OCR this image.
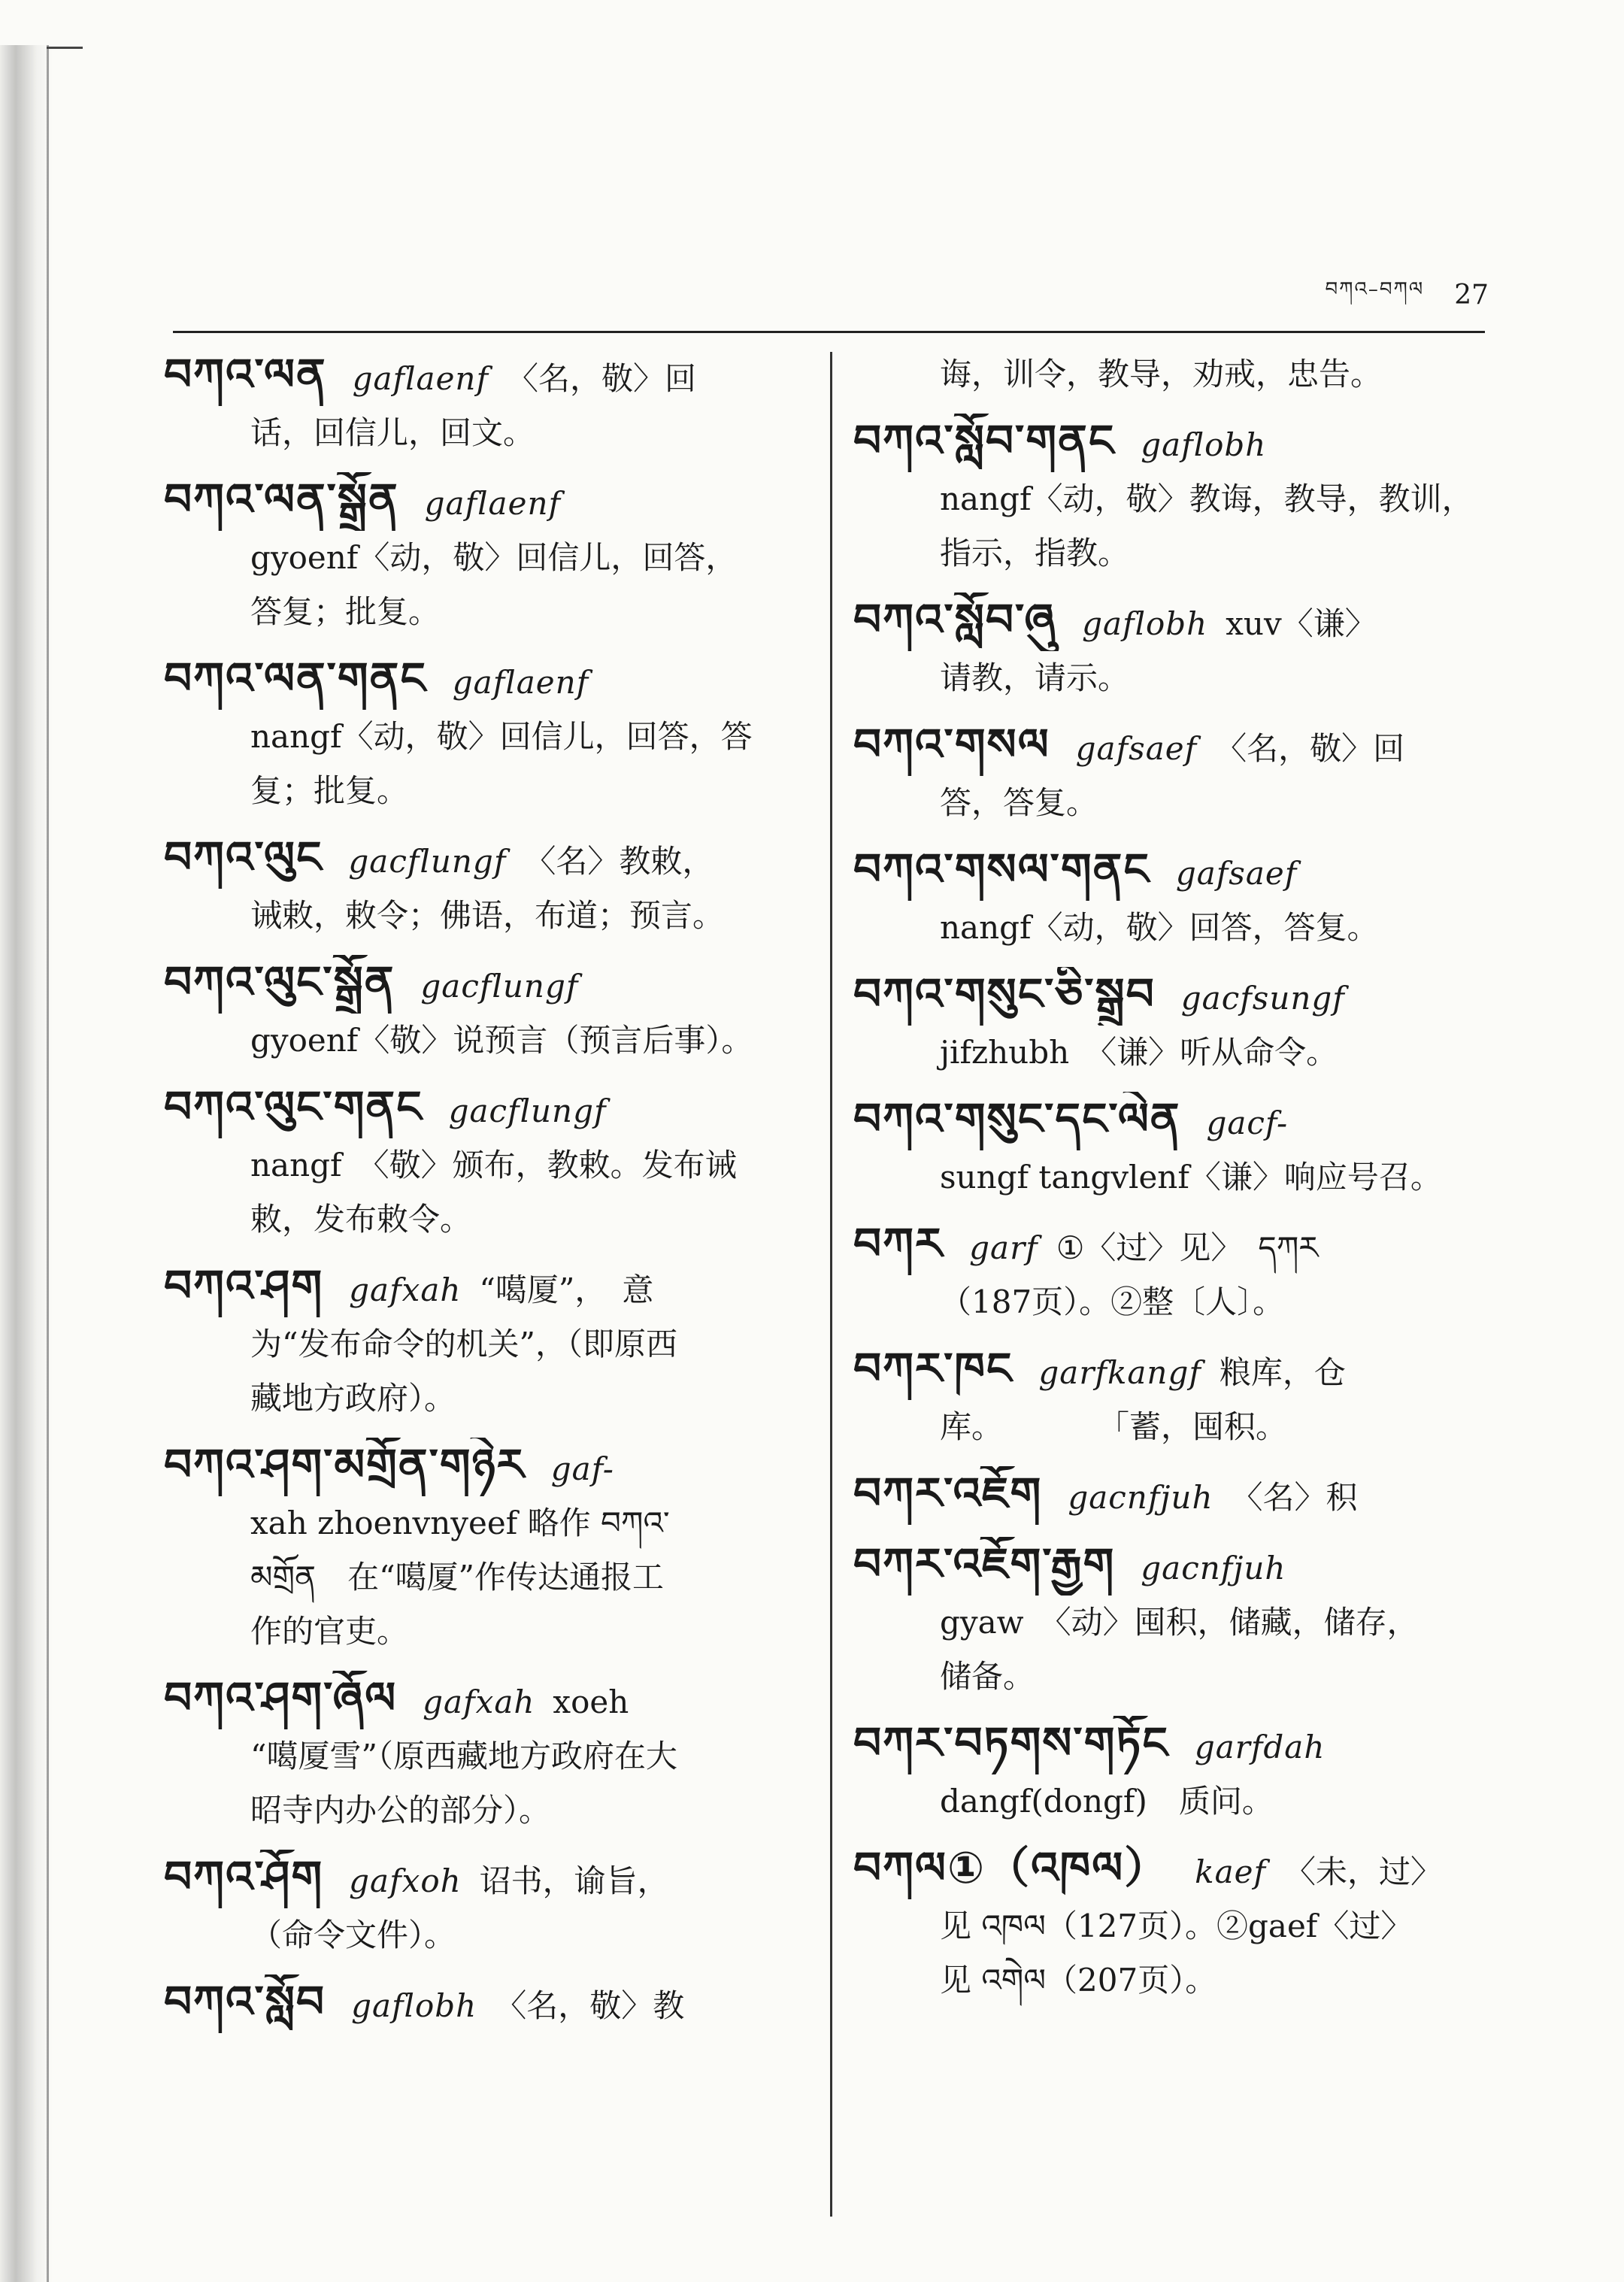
བཀའ–བཀལ 27
བཀའ་ལན gaflaenf 〈名，敬〉回
话，回信儿，回文。
བཀའ་ལན་སྒྲོན gaflaenf
gyoenf〈动，敬〉回信儿，回答，
答复；批复。
བཀའ་ལན་གནང gaflaenf
nangf〈动，敬〉回信儿，回答，答
复；批复。
བཀའ་ལུང gacflungf 〈名〉教敕，
诫敕，敕令；佛语，布道；预言。
བཀའ་ལུང་སྒྲོན gacflungf
gyoenf〈敬〉说预言（预言后事）。
བཀའ་ལུང་གནང gacflungf
nangf　〈敬〉颁布，教敕。发布诫
敕，发布敕令。
བཀའ་ཤག gafxah “噶厦”，　意
为“发布命令的机关”，（即原西
藏地方政府）。
བཀའ་ཤག་མགྲོན་གཉེར gaf-
xah zhoenvnyeef 略作 བཀའ་
མགྲོན　在“噶厦”作传达通报工
作的官吏。
བཀའ་ཤག་ཞོལ gafxah xoeh
“噶厦雪”（原西藏地方政府在大
昭寺内办公的部分）。
བཀའ་ཤོག gafxoh 诏书，谕旨，
（命令文件）。
བཀའ་སློབ gaflobh 〈名，敬〉教
诲，训令，教导，劝戒，忠告。
བཀའ་སློབ་གནང gaflobh
nangf〈动，敬〉教诲，教导，教训，
指示，指教。
བཀའ་སློབ་ཞུ gaflobh xuv〈谦〉
请教，请示。
བཀའ་གསལ gafsaef 〈名，敬〉回
答，答复。
བཀའ་གསལ་གནང gafsaef
nangf〈动，敬〉回答，答复。
བཀའ་གསུང་ཅི་སྒྲུབ gacfsungf
jifzhubh　〈谦〉听从命令。
བཀའ་གསུང་དང་ལེན gacf-
sungf tangvlenf〈谦〉响应号召。
བཀར garf ①〈过〉见〉　དཀར
（187页）。②整〔人〕。
བཀར་ཁང garfkangf 粮库，仓
库。　　　　「蓄，囤积。
བཀར་འཇོག gacnfjuh 〈名〉积
བཀར་འཇོག་རྒྱག gacnfjuh
gyaw　〈动〉囤积，储藏，储存，
储备。
བཀར་བཏགས་གཏོང garfdah
dangf(dongf)　质问。
བཀལ①（འཁལ） kaef 〈未，过〉
见 འཁལ（127页）。②gaef〈过〉
见 འགེལ（207页）。
